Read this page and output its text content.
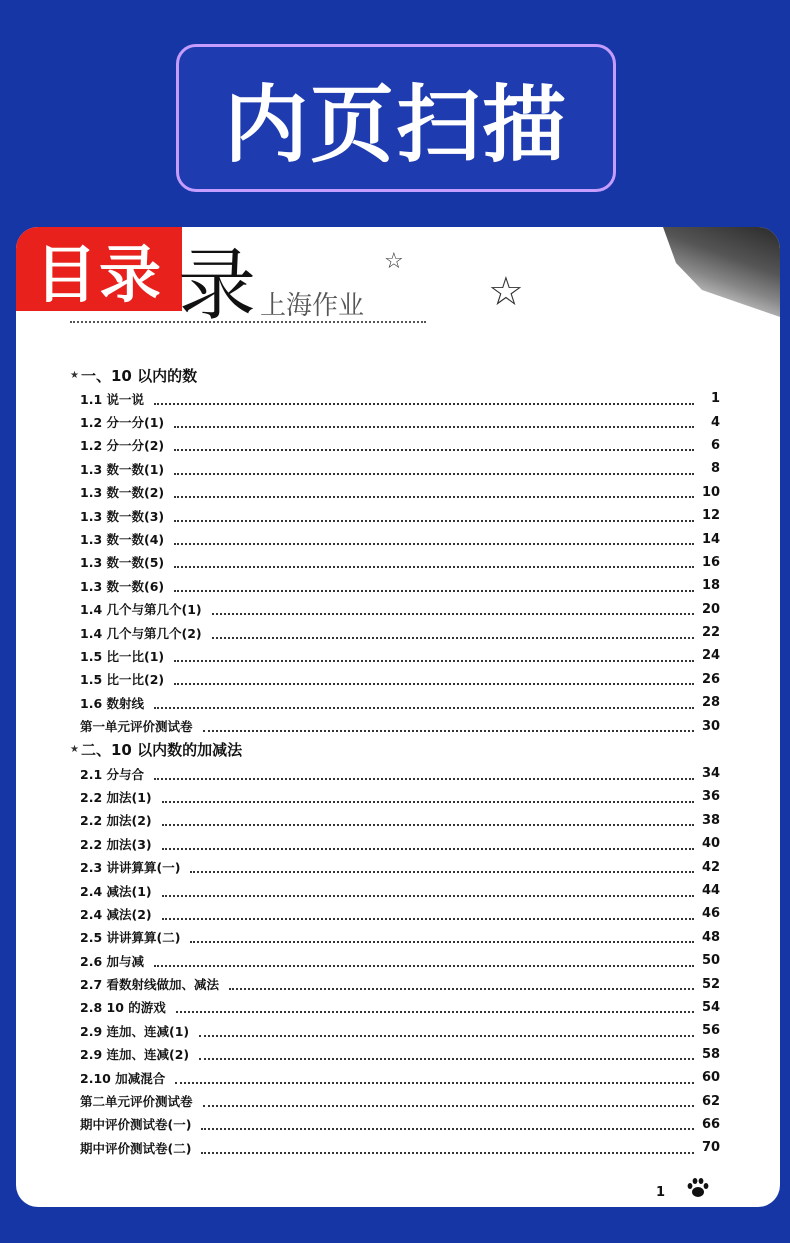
内页扫描
目录 录 上海作业
☆
☆
★ 一、10 以内的数
1.1 说一说	1
1.2 分一分(1)	4
1.2 分一分(2)	6
1.3 数一数(1)	8
1.3 数一数(2)	10
1.3 数一数(3)	12
1.3 数一数(4)	14
1.3 数一数(5)	16
1.3 数一数(6)	18
1.4 几个与第几个(1)	20
1.4 几个与第几个(2)	22
1.5 比一比(1)	24
1.5 比一比(2)	26
1.6 数射线	28
第一单元评价测试卷	30
★ 二、10 以内数的加减法
2.1 分与合	34
2.2 加法(1)	36
2.2 加法(2)	38
2.2 加法(3)	40
2.3 讲讲算算(一)	42
2.4 减法(1)	44
2.4 减法(2)	46
2.5 讲讲算算(二)	48
2.6 加与减	50
2.7 看数射线做加、减法	52
2.8 10 的游戏	54
2.9 连加、连减(1)	56
2.9 连加、连减(2)	58
2.10 加减混合	60
第二单元评价测试卷	62
期中评价测试卷(一)	66
期中评价测试卷(二)	70
1
